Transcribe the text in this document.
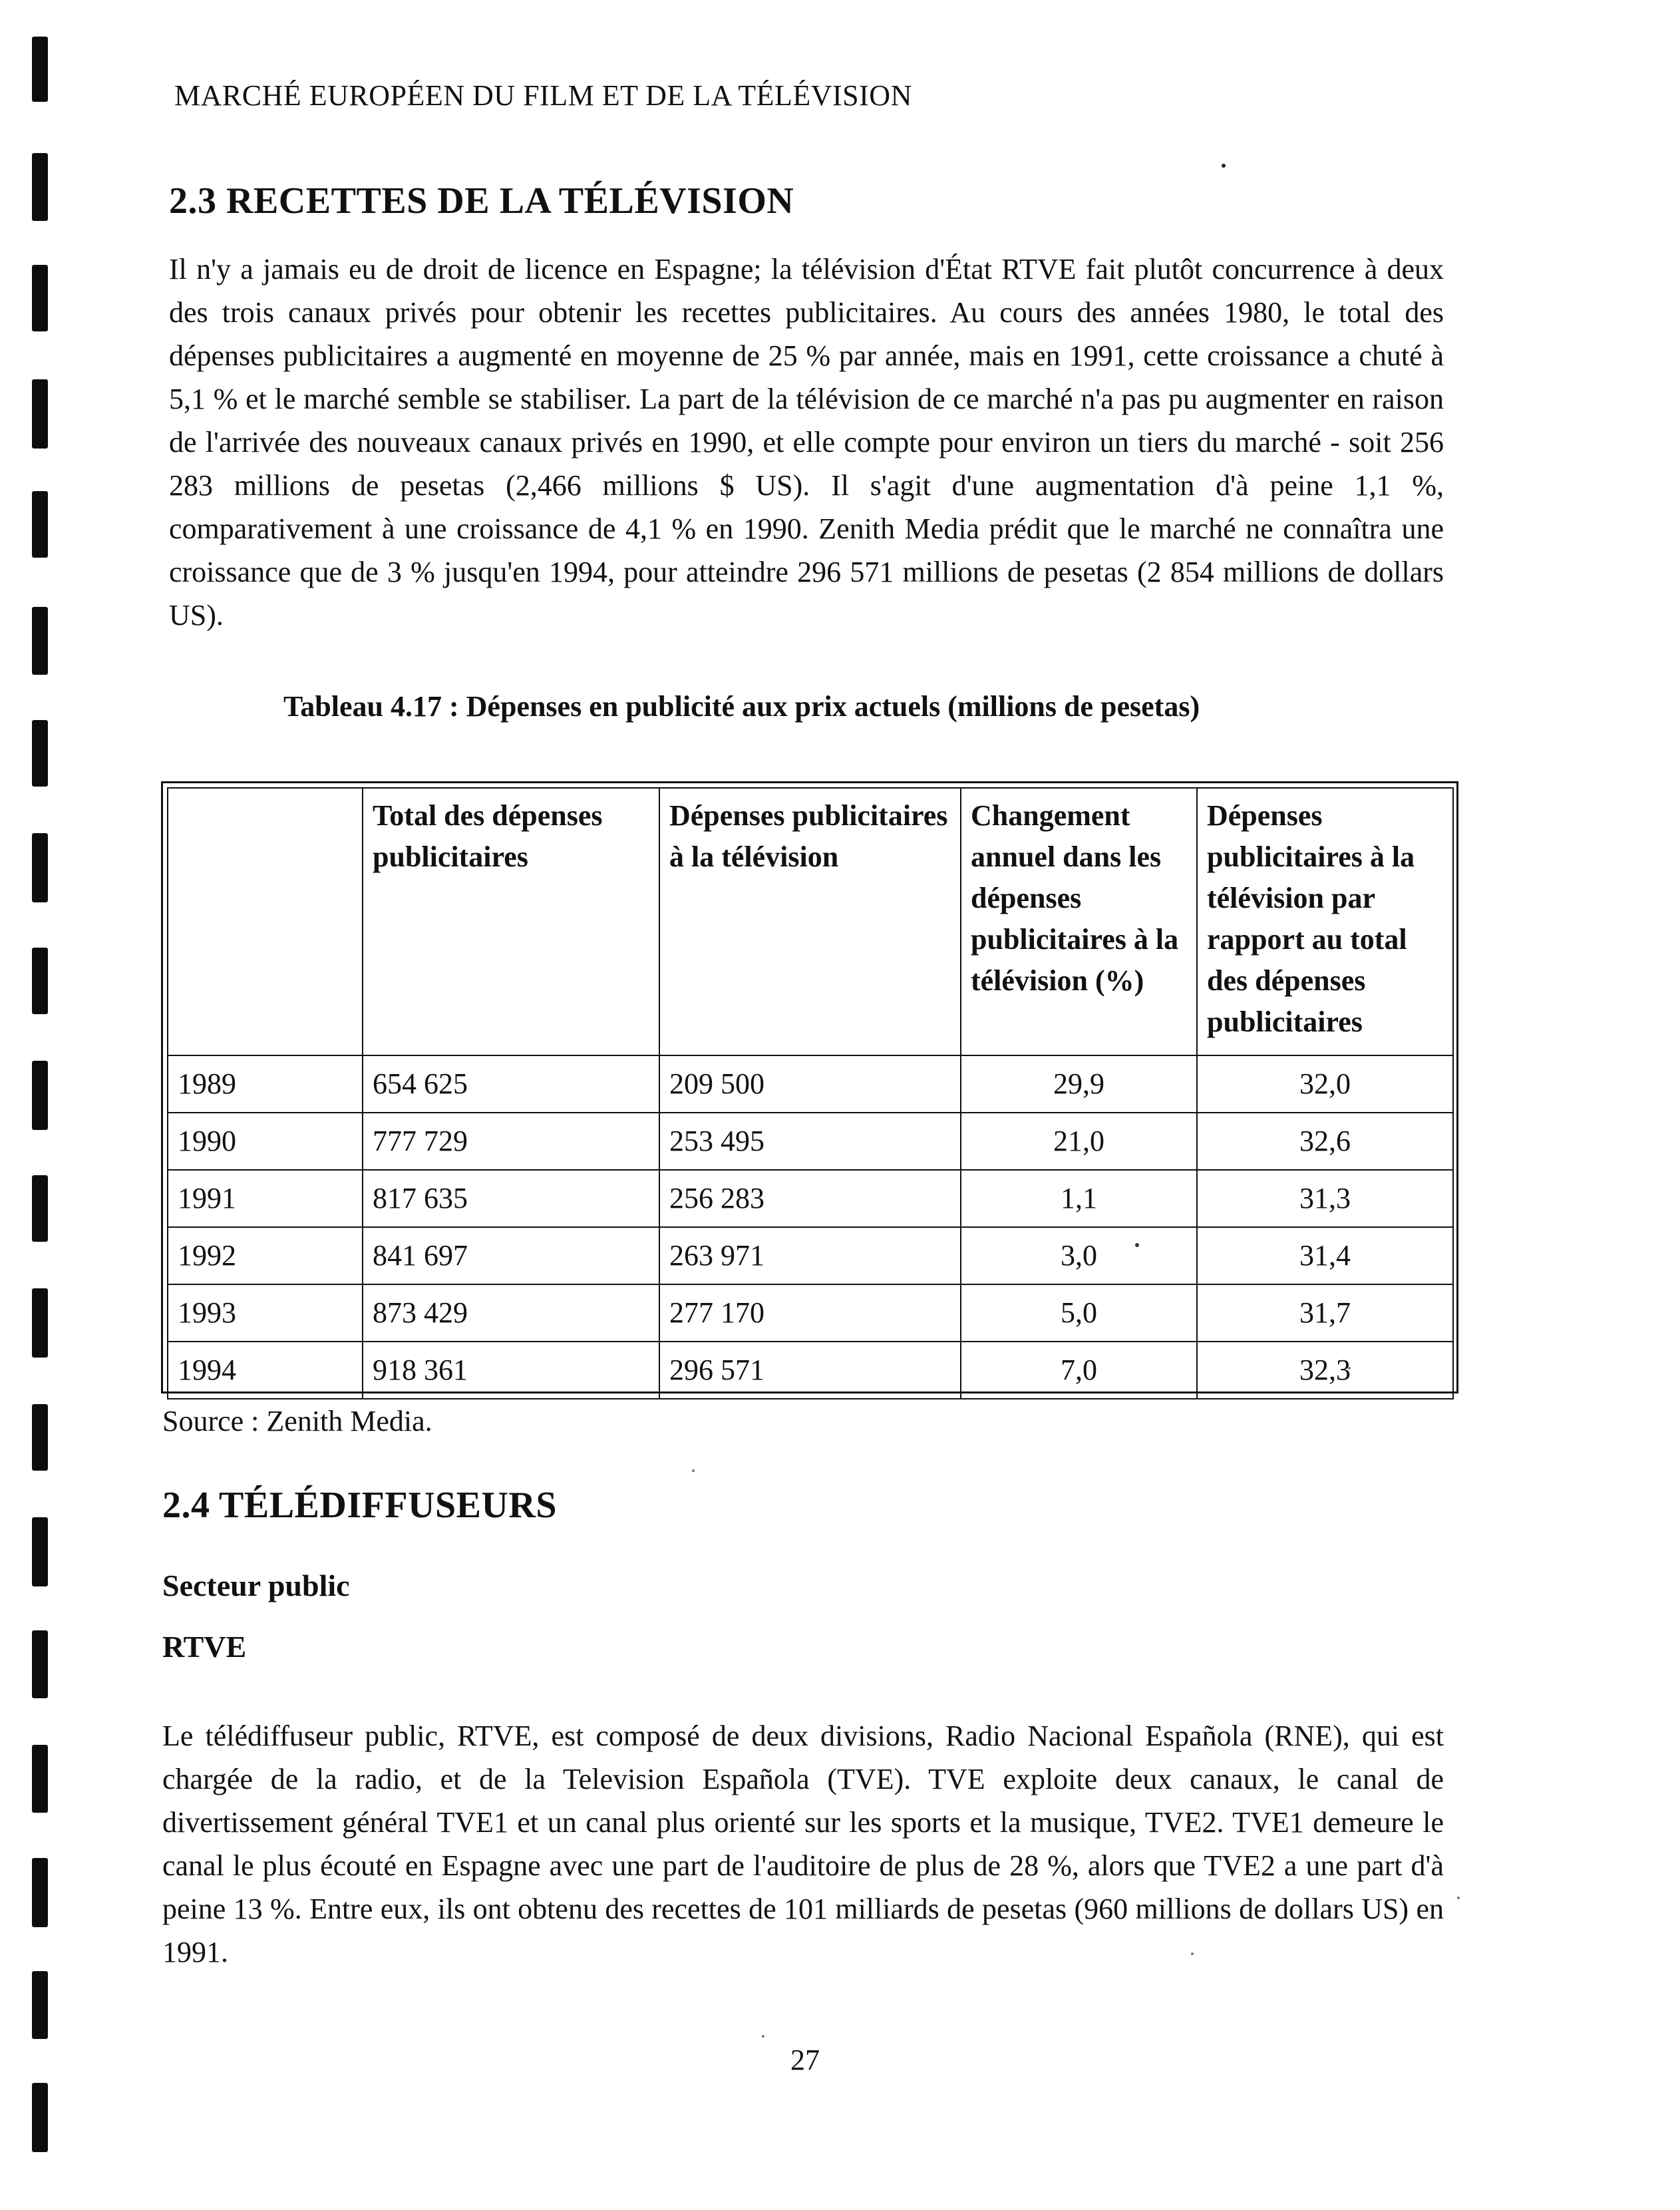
MARCHÉ EUROPÉEN DU FILM ET DE LA TÉLÉVISION
2.3 RECETTES DE LA TÉLÉVISION

Il n'y a jamais eu de droit de licence en Espagne; la télévision d'État RTVE fait plutôt concurrence à deux des trois canaux privés pour obtenir les recettes publicitaires. Au cours des années 1980, le total des dépenses publicitaires a augmenté en moyenne de 25 % par année, mais en 1991, cette croissance a chuté à 5,1 % et le marché semble se stabiliser. La part de la télévision de ce marché n'a pas pu augmenter en raison de l'arrivée des nouveaux canaux privés en 1990, et elle compte pour environ un tiers du marché - soit 256 283 millions de pesetas (2,466 millions $ US). Il s'agit d'une augmentation d'à peine 1,1 %, comparativement à une croissance de 4,1 % en 1990. Zenith Media prédit que le marché ne connaîtra une croissance que de 3 % jusqu'en 1994, pour atteindre 296 571 millions de pesetas (2 854 millions de dollars US).

Tableau 4.17 : Dépenses en publicité aux prix actuels (millions de pesetas)
	Total des dépenses publicitaires	Dépenses publicitaires à la télévision	Changement annuel dans les dépenses publicitaires à la télévision (%)	Dépenses publicitaires à la télévision par rapport au total des dépenses publicitaires
1989	654 625	209 500	29,9	32,0
1990	777 729	253 495	21,0	32,6
1991	817 635	256 283	1,1	31,3
1992	841 697	263 971	3,0	31,4
1993	873 429	277 170	5,0	31,7
1994	918 361	296 571	7,0	32,3
Source : Zenith Media.
2.4 TÉLÉDIFFUSEURS
Secteur public
RTVE

Le télédiffuseur public, RTVE, est composé de deux divisions, Radio Nacional Española (RNE), qui est chargée de la radio, et de la Television Española (TVE). TVE exploite deux canaux, le canal de divertissement général TVE1 et un canal plus orienté sur les sports et la musique, TVE2. TVE1 demeure le canal le plus écouté en Espagne avec une part de l'auditoire de plus de 28 %, alors que TVE2 a une part d'à peine 13 %. Entre eux, ils ont obtenu des recettes de 101 milliards de pesetas (960 millions de dollars US) en 1991.

27
